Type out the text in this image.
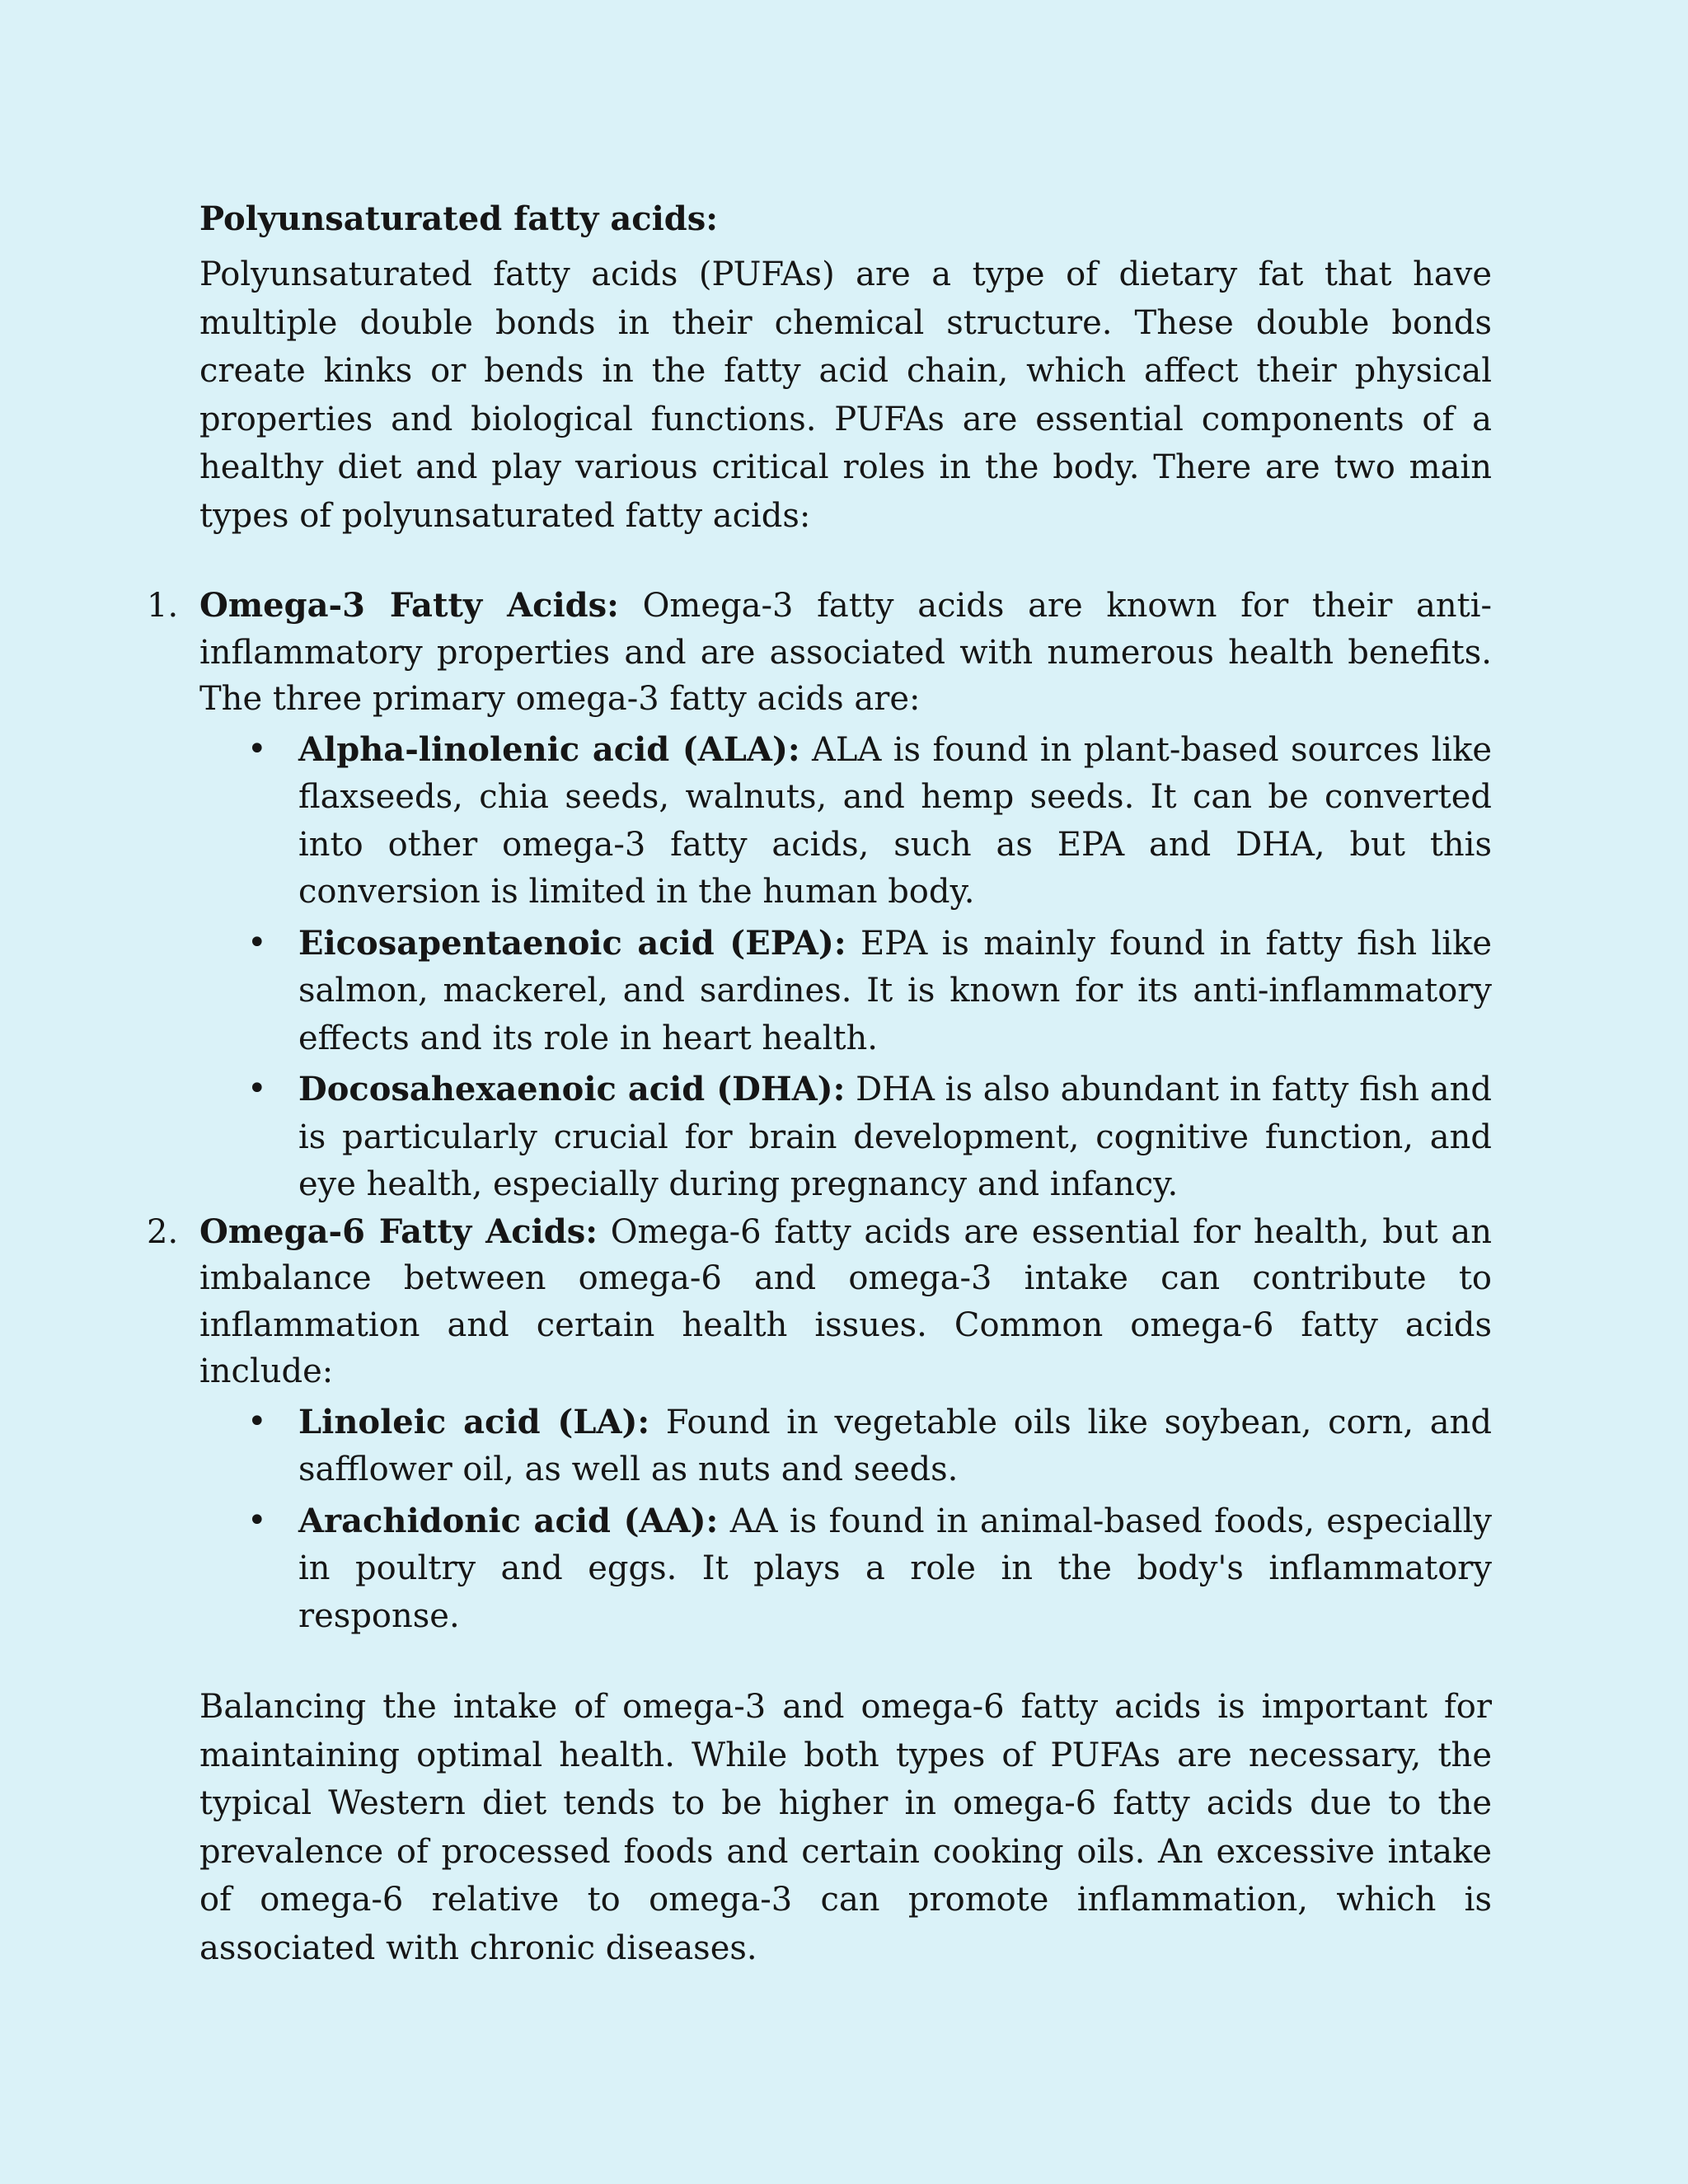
Polyunsaturated fatty acids:

Polyunsaturated fatty acids (PUFAs) are a type of dietary fat that have multiple double bonds in their chemical structure. These double bonds create kinks or bends in the fatty acid chain, which affect their physical properties and biological functions. PUFAs are essential components of a healthy diet and play various critical roles in the body. There are two main types of polyunsaturated fatty acids:

1. Omega-3 Fatty Acids: Omega-3 fatty acids are known for their anti-inflammatory properties and are associated with numerous health benefits. The three primary omega-3 fatty acids are:
• Alpha-linolenic acid (ALA): ALA is found in plant-based sources like flaxseeds, chia seeds, walnuts, and hemp seeds. It can be converted into other omega-3 fatty acids, such as EPA and DHA, but this conversion is limited in the human body.
• Eicosapentaenoic acid (EPA): EPA is mainly found in fatty fish like salmon, mackerel, and sardines. It is known for its anti-inflammatory effects and its role in heart health.
• Docosahexaenoic acid (DHA): DHA is also abundant in fatty fish and is particularly crucial for brain development, cognitive function, and eye health, especially during pregnancy and infancy.
2. Omega-6 Fatty Acids: Omega-6 fatty acids are essential for health, but an imbalance between omega-6 and omega-3 intake can contribute to inflammation and certain health issues. Common omega-6 fatty acids include:
• Linoleic acid (LA): Found in vegetable oils like soybean, corn, and safflower oil, as well as nuts and seeds.
• Arachidonic acid (AA): AA is found in animal-based foods, especially in poultry and eggs. It plays a role in the body's inflammatory response.

Balancing the intake of omega-3 and omega-6 fatty acids is important for maintaining optimal health. While both types of PUFAs are necessary, the typical Western diet tends to be higher in omega-6 fatty acids due to the prevalence of processed foods and certain cooking oils. An excessive intake of omega-6 relative to omega-3 can promote inflammation, which is associated with chronic diseases.
